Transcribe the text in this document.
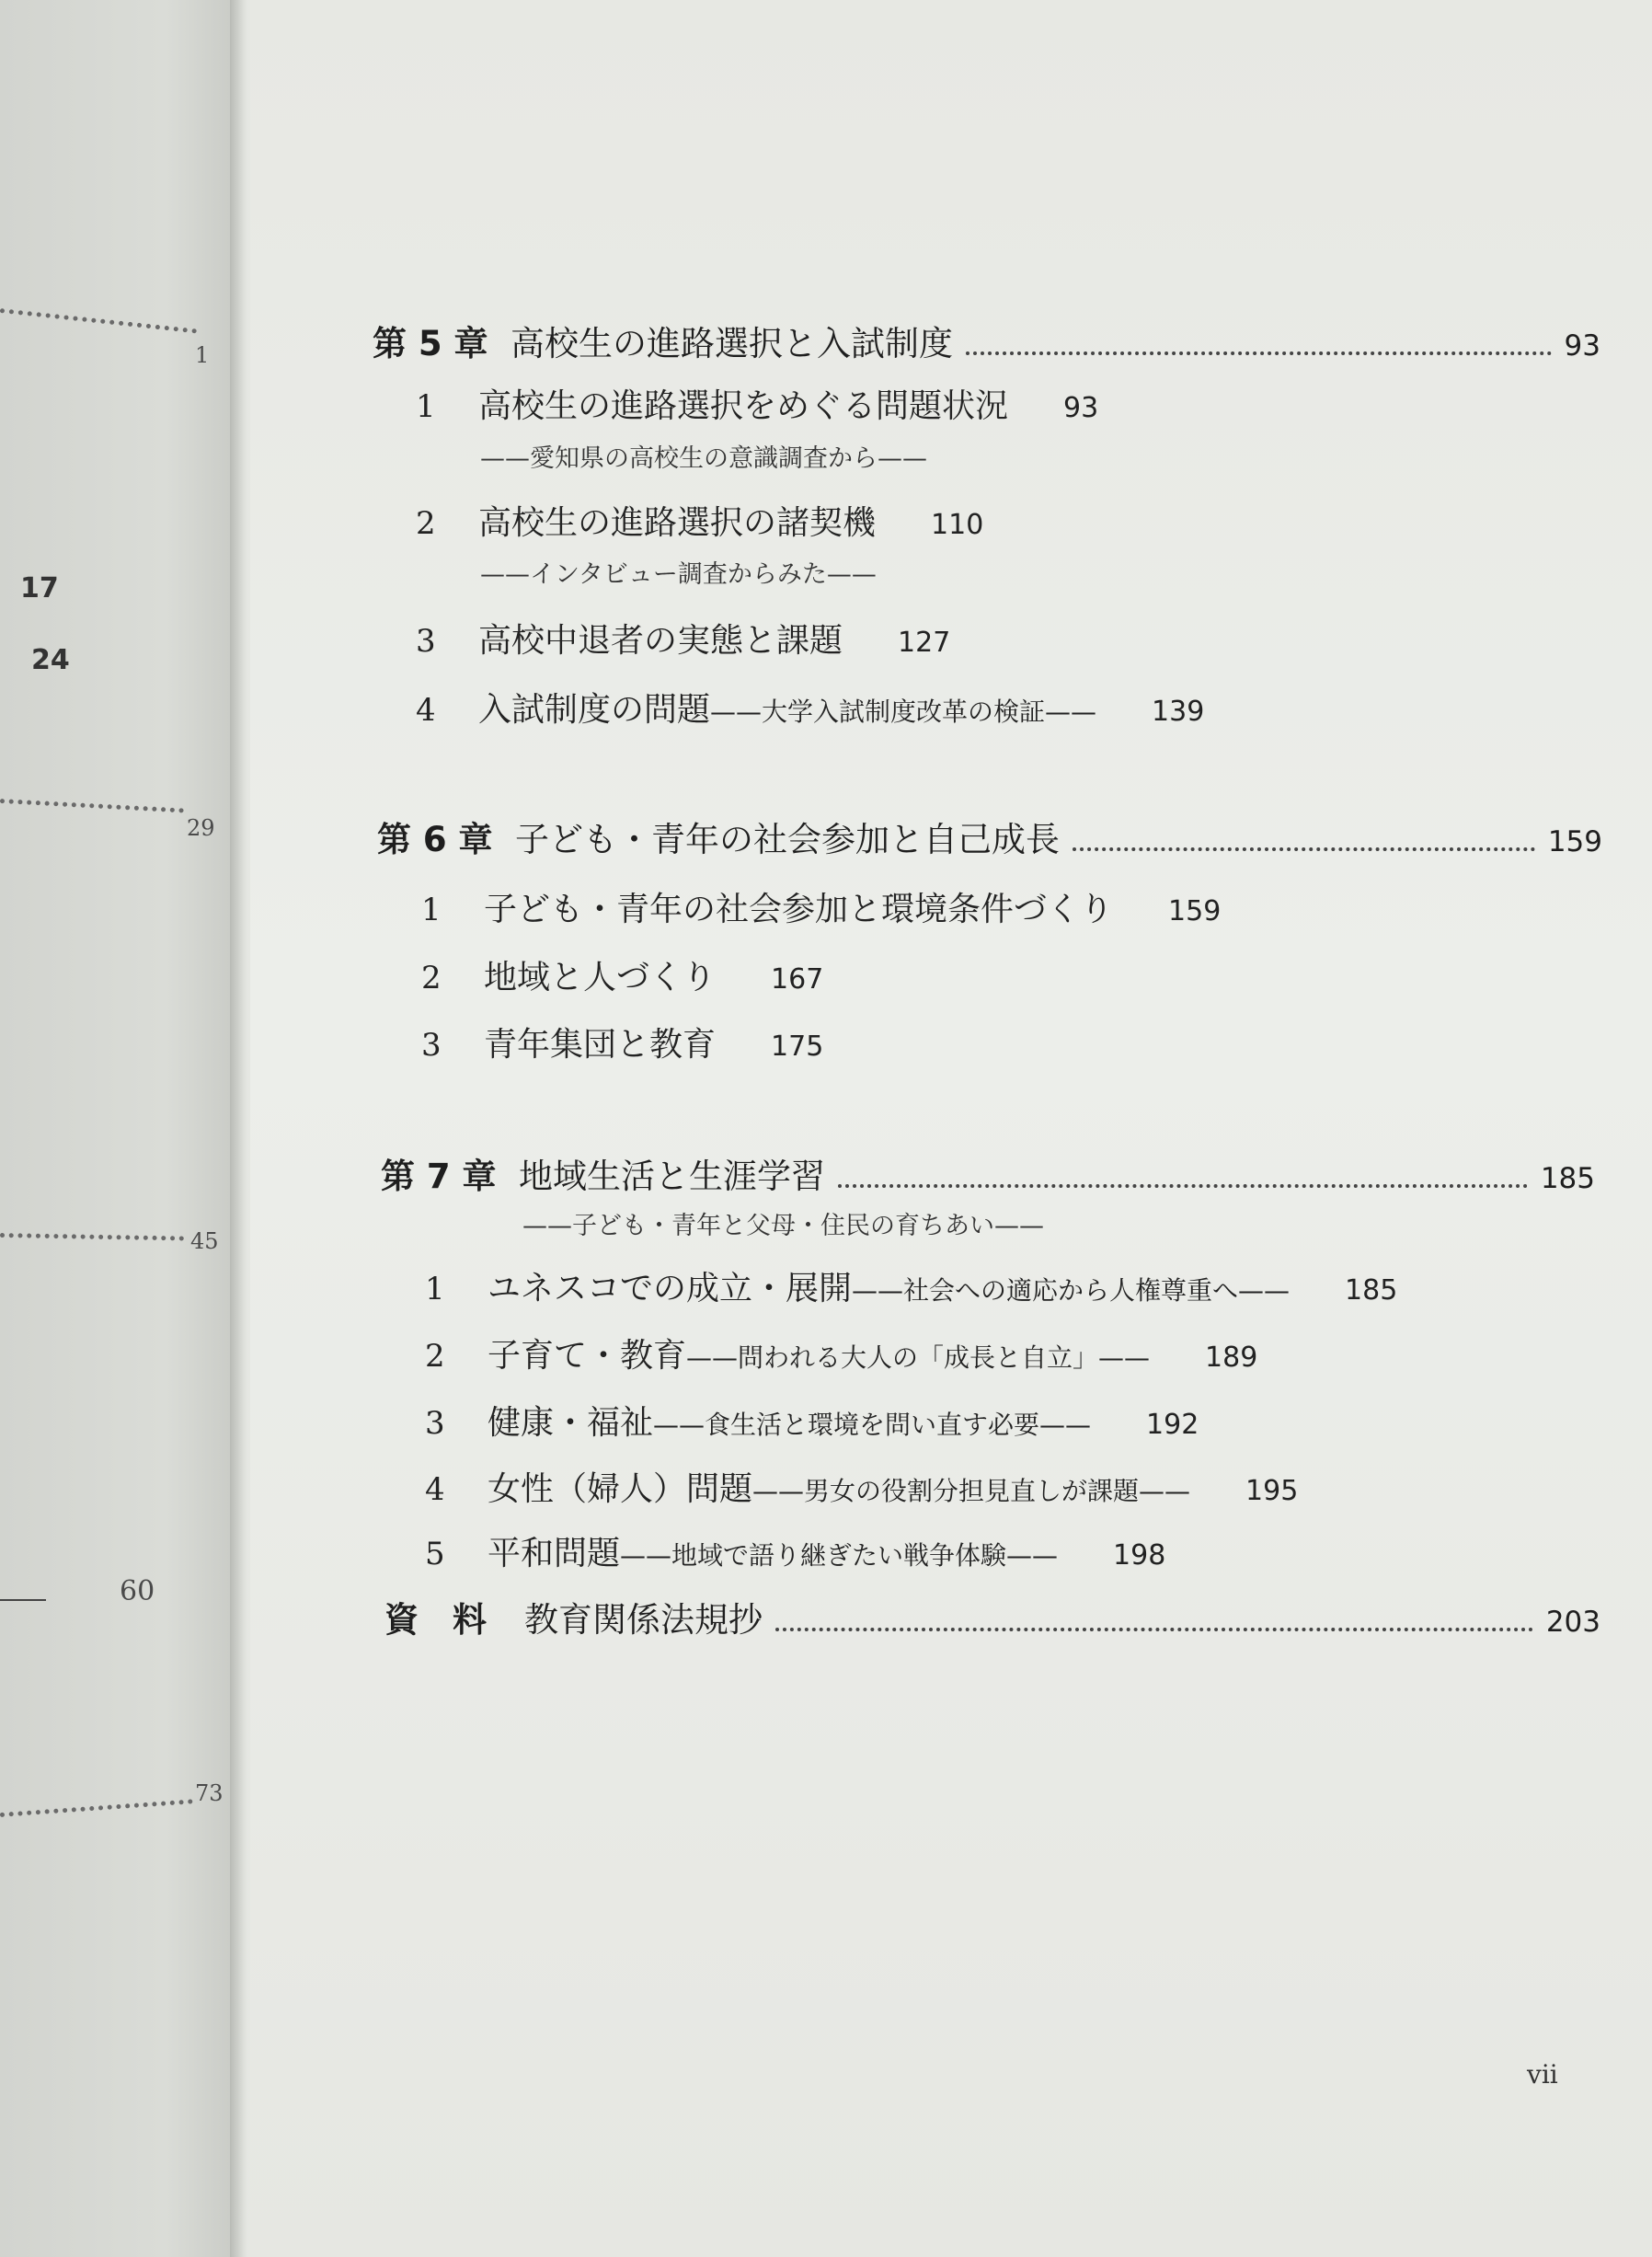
1
17
24
29
45
60
73
第 5 章 高校生の進路選択と入試制度	93
1	高校生の進路選択をめぐる問題状況 93
——愛知県の高校生の意識調査から——
2	高校生の進路選択の諸契機 110
——インタビュー調査からみた——
3	高校中退者の実態と課題 127
4	入試制度の問題 ——大学入試制度改革の検証—— 139
第 6 章 子ども・青年の社会参加と自己成長	159
1	子ども・青年の社会参加と環境条件づくり 159
2	地域と人づくり 167
3	青年集団と教育 175
第 7 章 地域生活と生涯学習	185
——子ども・青年と父母・住民の育ちあい——
1	ユネスコでの成立・展開 ——社会への適応から人権尊重へ—— 185
2	子育て・教育 ——問われる大人の「成長と自立」—— 189
3	健康・福祉 ——食生活と環境を問い直す必要—— 192
4	女性（婦人）問題 ——男女の役割分担見直しが課題—— 195
5	平和問題 ——地域で語り継ぎたい戦争体験—— 198
資　料	教育関係法規抄	203
vii
